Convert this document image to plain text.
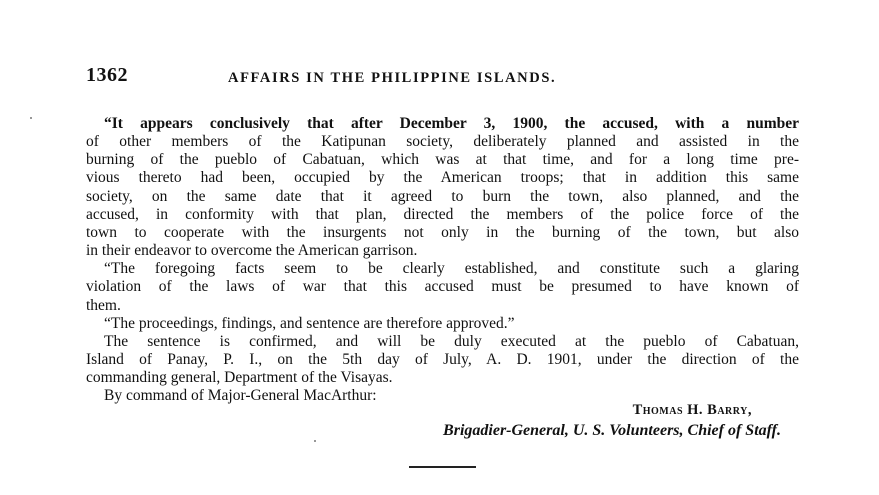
1362	AFFAIRS IN THE PHILIPPINE ISLANDS.
“It appears conclusively that after December 3, 1900, the accused, with a number
of other members of the Katipunan society, deliberately planned and assisted in the
burning of the pueblo of Cabatuan, which was at that time, and for a long time pre-
vious thereto had been, occupied by the American troops; that in addition this same
society, on the same date that it agreed to burn the town, also planned, and the
accused, in conformity with that plan, directed the members of the police force of the
town to cooperate with the insurgents not only in the burning of the town, but also
in their endeavor to overcome the American garrison.
“The foregoing facts seem to be clearly established, and constitute such a glaring
violation of the laws of war that this accused must be presumed to have known of
them.
“The proceedings, findings, and sentence are therefore approved.”
The sentence is confirmed, and will be duly executed at the pueblo of Cabatuan,
Island of Panay, P. I., on the 5th day of July, A. D. 1901, under the direction of the
commanding general, Department of the Visayas.
By command of Major-General MacArthur:
Thomas H. Barry,
Brigadier-General, U. S. Volunteers, Chief of Staff.
